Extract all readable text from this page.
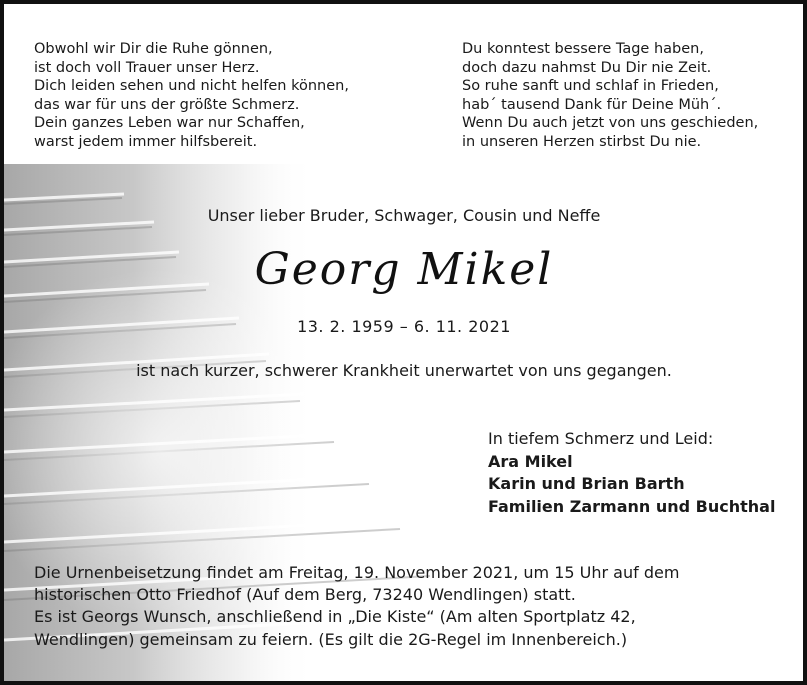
Obwohl wir Dir die Ruhe gönnen,
ist doch voll Trauer unser Herz.
Dich leiden sehen und nicht helfen können,
das war für uns der größte Schmerz.
Dein ganzes Leben war nur Schaffen,
warst jedem immer hilfsbereit.
Du konntest bessere Tage haben,
doch dazu nahmst Du Dir nie Zeit.
So ruhe sanft und schlaf in Frieden,
hab´ tausend Dank für Deine Müh´.
Wenn Du auch jetzt von uns geschieden,
in unseren Herzen stirbst Du nie.
Unser lieber Bruder, Schwager, Cousin und Neffe
Georg Mikel
13. 2. 1959 – 6. 11. 2021
ist nach kurzer, schwerer Krankheit unerwartet von uns gegangen.
In tiefem Schmerz und Leid:
Ara Mikel
Karin und Brian Barth
Familien Zarmann und Buchthal
Die Urnenbeisetzung findet am Freitag, 19. November 2021, um 15 Uhr auf dem
historischen Otto Friedhof (Auf dem Berg, 73240 Wendlingen) statt.
Es ist Georgs Wunsch, anschließend in „Die Kiste“ (Am alten Sportplatz 42,
Wendlingen) gemeinsam zu feiern. (Es gilt die 2G-Regel im Innenbereich.)
